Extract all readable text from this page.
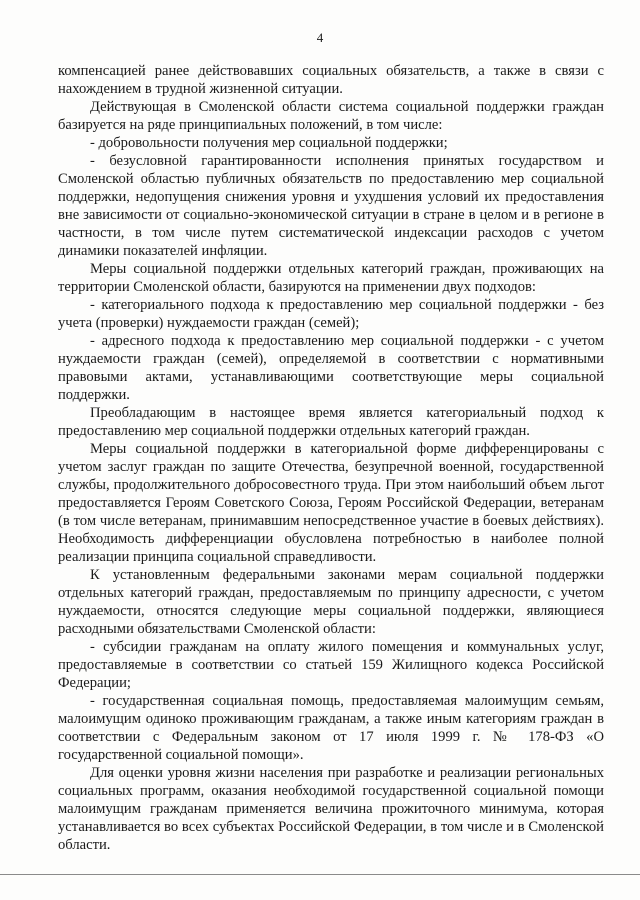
4

компенсацией ранее действовавших социальных обязательств, а также в связи с нахождением в трудной жизненной ситуации.

Действующая в Смоленской области система социальной поддержки граждан базируется на ряде принципиальных положений, в том числе:

- добровольности получения мер социальной поддержки;

- безусловной гарантированности исполнения принятых государством и Смоленской областью публичных обязательств по предоставлению мер социальной поддержки, недопущения снижения уровня и ухудшения условий их предоставления вне зависимости от социально-экономической ситуации в стране в целом и в регионе в частности, в том числе путем систематической индексации расходов с учетом динамики показателей инфляции.

Меры социальной поддержки отдельных категорий граждан, проживающих на территории Смоленской области, базируются на применении двух подходов:

- категориального подхода к предоставлению мер социальной поддержки - без учета (проверки) нуждаемости граждан (семей);

- адресного подхода к предоставлению мер социальной поддержки - с учетом нуждаемости граждан (семей), определяемой в соответствии с нормативными правовыми актами, устанавливающими соответствующие меры социальной поддержки.

Преобладающим в настоящее время является категориальный подход к предоставлению мер социальной поддержки отдельных категорий граждан.

Меры социальной поддержки в категориальной форме дифференцированы с учетом заслуг граждан по защите Отечества, безупречной военной, государственной службы, продолжительного добросовестного труда. При этом наибольший объем льгот предоставляется Героям Советского Союза, Героям Российской Федерации, ветеранам (в том числе ветеранам, принимавшим непосредственное участие в боевых действиях). Необходимость дифференциации обусловлена потребностью в наиболее полной реализации принципа социальной справедливости.

К установленным федеральными законами мерам социальной поддержки отдельных категорий граждан, предоставляемым по принципу адресности, с учетом нуждаемости, относятся следующие меры социальной поддержки, являющиеся расходными обязательствами Смоленской области:

- субсидии гражданам на оплату жилого помещения и коммунальных услуг, предоставляемые в соответствии со статьей 159 Жилищного кодекса Российской Федерации;

- государственная социальная помощь, предоставляемая малоимущим семьям, малоимущим одиноко проживающим гражданам, а также иным категориям граждан в соответствии с Федеральным законом от 17 июля 1999 г. № 178-ФЗ «О государственной социальной помощи».

Для оценки уровня жизни населения при разработке и реализации региональных социальных программ, оказания необходимой государственной социальной помощи малоимущим гражданам применяется величина прожиточного минимума, которая устанавливается во всех субъектах Российской Федерации, в том числе и в Смоленской области.
